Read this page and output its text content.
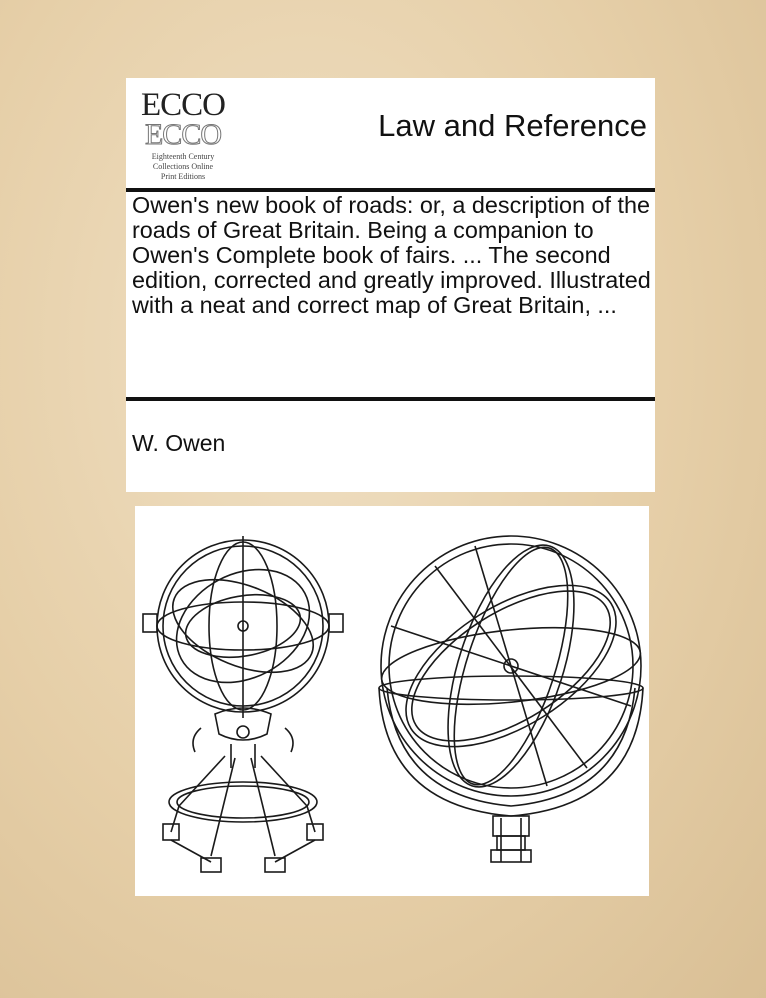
ECCO
ECCO
Eighteenth Century
Collections Online
Print Editions
Law and Reference
Owen's new book of roads: or, a description of the roads of Great Britain. Being a companion to Owen's Complete book of fairs. ... The second edition, corrected and greatly improved. Illustrated with a neat and correct map of Great Britain, ...
W. Owen
